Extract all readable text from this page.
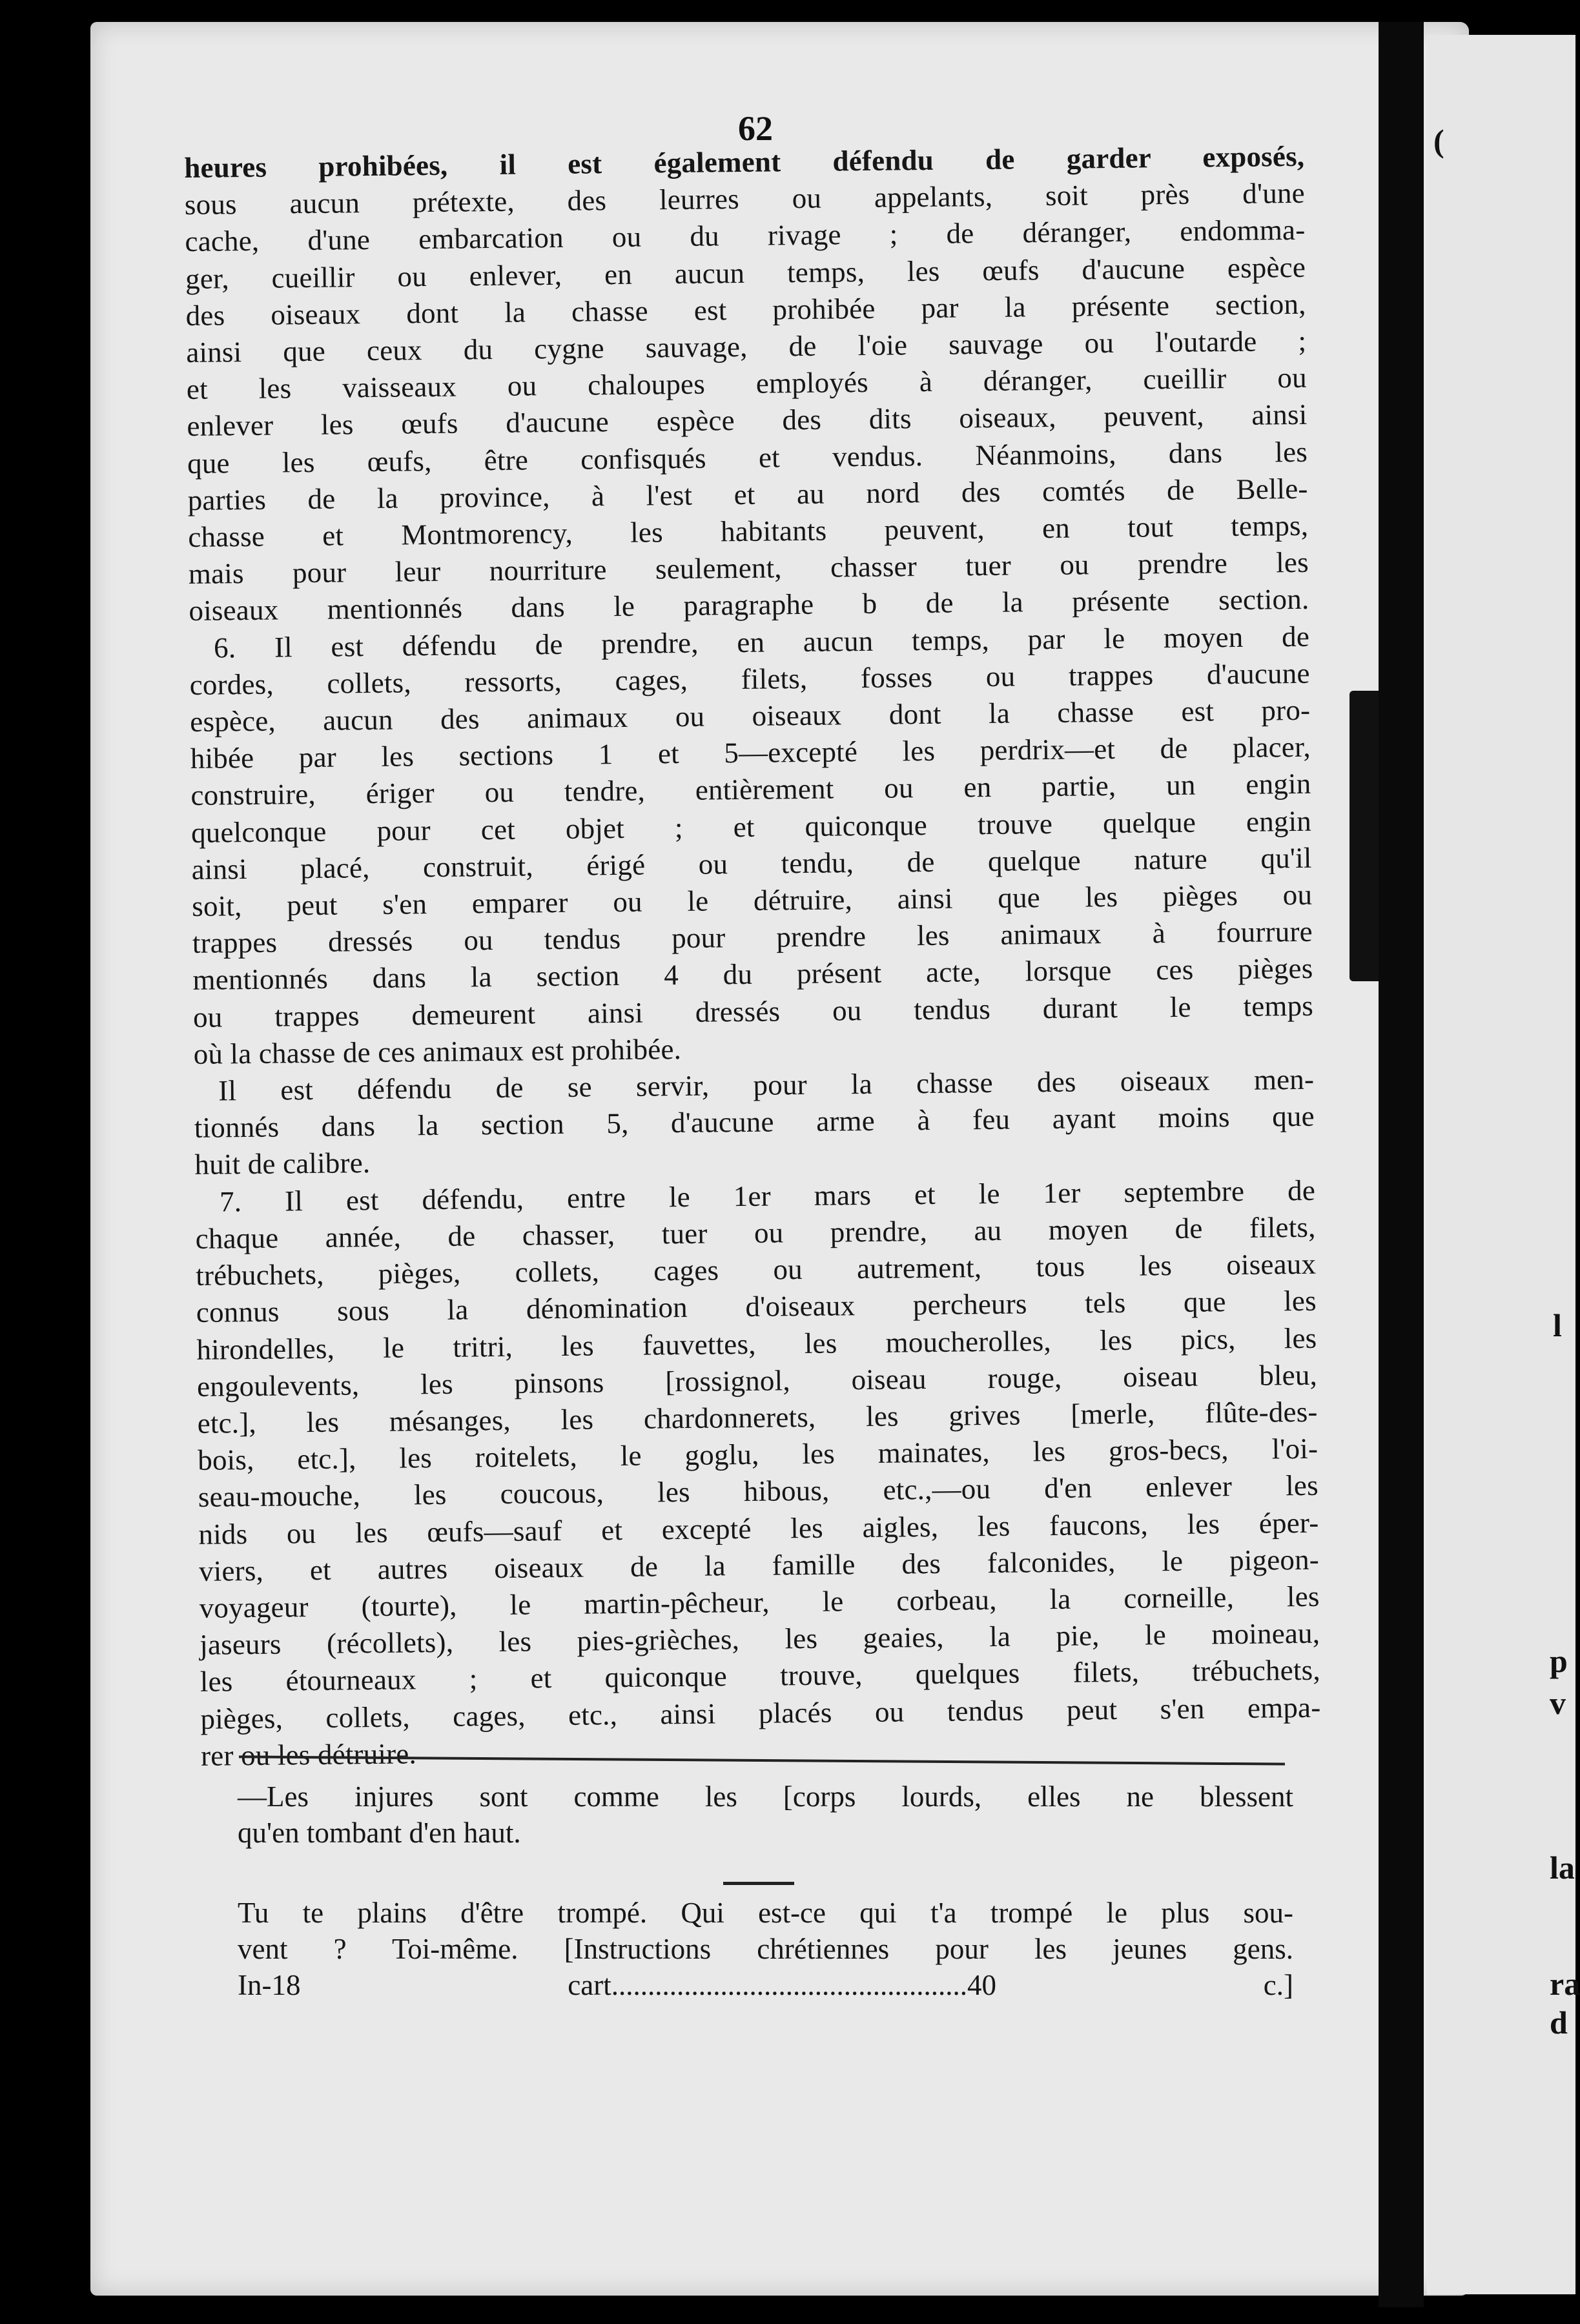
(
l
p
v
la
ra
d
62
heures prohibées, il est également défendu de garder exposés,
sous aucun prétexte, des leurres ou appelants, soit près d'une
cache, d'une embarcation ou du rivage ; de déranger, endomma-
ger, cueillir ou enlever, en aucun temps, les œufs d'aucune espèce
des oiseaux dont la chasse est prohibée par la présente section,
ainsi que ceux du cygne sauvage, de l'oie sauvage ou l'outarde ;
et les vaisseaux ou chaloupes employés à déranger, cueillir ou
enlever les œufs d'aucune espèce des dits oiseaux, peuvent, ainsi
que les œufs, être confisqués et vendus. Néanmoins, dans les
parties de la province, à l'est et au nord des comtés de Belle-
chasse et Montmorency, les habitants peuvent, en tout temps,
mais pour leur nourriture seulement, chasser tuer ou prendre les
oiseaux mentionnés dans le paragraphe b de la présente section.
6. Il est défendu de prendre, en aucun temps, par le moyen de
cordes, collets, ressorts, cages, filets, fosses ou trappes d'aucune
espèce, aucun des animaux ou oiseaux dont la chasse est pro-
hibée par les sections 1 et 5—excepté les perdrix—et de placer,
construire, ériger ou tendre, entièrement ou en partie, un engin
quelconque pour cet objet ; et quiconque trouve quelque engin
ainsi placé, construit, érigé ou tendu, de quelque nature qu'il
soit, peut s'en emparer ou le détruire, ainsi que les pièges ou
trappes dressés ou tendus pour prendre les animaux à fourrure
mentionnés dans la section 4 du présent acte, lorsque ces pièges
ou trappes demeurent ainsi dressés ou tendus durant le temps
où la chasse de ces animaux est prohibée.
Il est défendu de se servir, pour la chasse des oiseaux men-
tionnés dans la section 5, d'aucune arme à feu ayant moins que
huit de calibre.
7. Il est défendu, entre le 1er mars et le 1er septembre de
chaque année, de chasser, tuer ou prendre, au moyen de filets,
trébuchets, pièges, collets, cages ou autrement, tous les oiseaux
connus sous la dénomination d'oiseaux percheurs tels que les
hirondelles, le tritri, les fauvettes, les moucherolles, les pics, les
engoulevents, les pinsons [rossignol, oiseau rouge, oiseau bleu,
etc.], les mésanges, les chardonnerets, les grives [merle, flûte-des-
bois, etc.], les roitelets, le goglu, les mainates, les gros-becs, l'oi-
seau-mouche, les coucous, les hibous, etc.,—ou d'en enlever les
nids ou les œufs—sauf et excepté les aigles, les faucons, les éper-
viers, et autres oiseaux de la famille des falconides, le pigeon-
voyageur (tourte), le martin-pêcheur, le corbeau, la corneille, les
jaseurs (récollets), les pies-grièches, les geaies, la pie, le moineau,
les étourneaux ; et quiconque trouve, quelques filets, trébuchets,
pièges, collets, cages, etc., ainsi placés ou tendus peut s'en empa-
rer ou les détruire.
—Les injures sont comme les [corps lourds, elles ne blessent
qu'en tombant d'en haut.
Tu te plains d'être trompé. Qui est-ce qui t'a trompé le plus sou-
vent ? Toi-même. [Instructions chrétiennes pour les jeunes gens.
In-18 cart.................................................40 c.]
